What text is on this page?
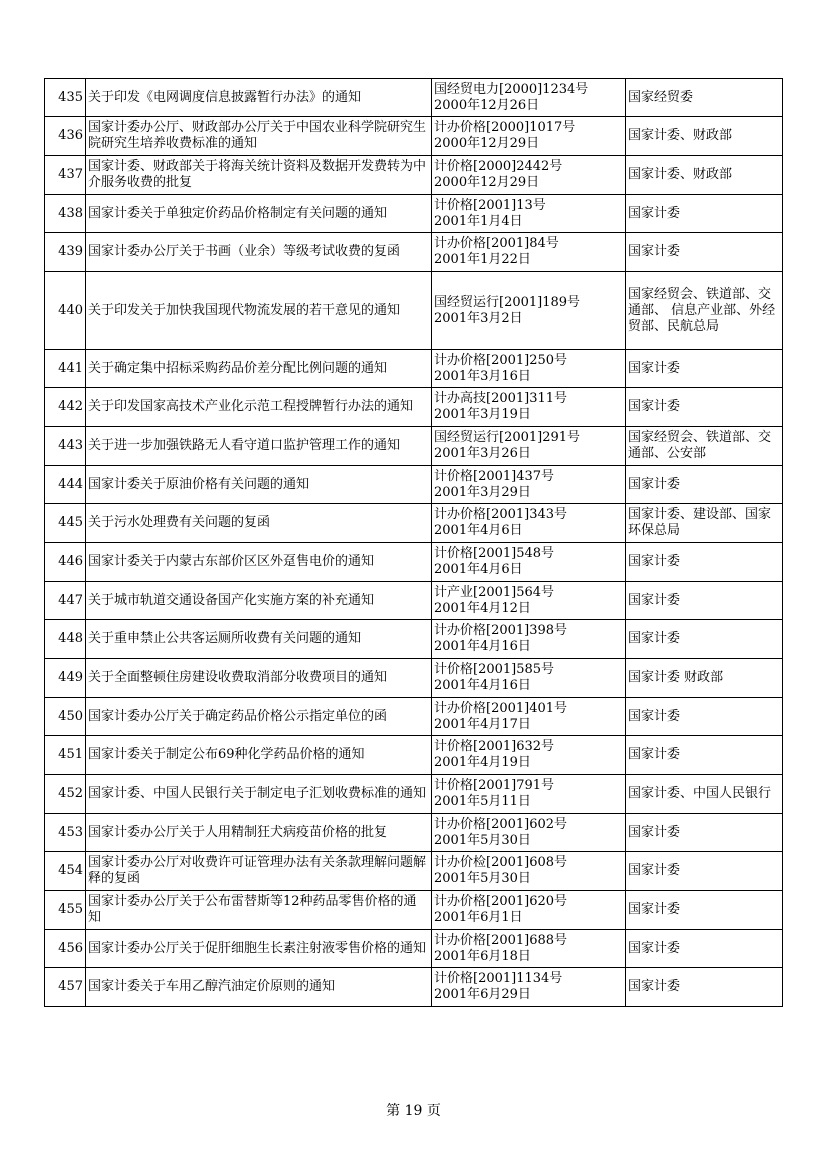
435	关于印发《电网调度信息披露暂行办法》的通知	国经贸电力[2000]1234号
2000年12月26日	国家经贸委
436	国家计委办公厅、财政部办公厅关于中国农业科学院研究生院研究生培养收费标准的通知	计办价格[2000]1017号
2000年12月29日	国家计委、财政部
437	国家计委、财政部关于将海关统计资料及数据开发费转为中介服务收费的批复	计价格[2000]2442号
2000年12月29日	国家计委、财政部
438	国家计委关于单独定价药品价格制定有关问题的通知	计价格[2001]13号
2001年1月4日	国家计委
439	国家计委办公厅关于书画（业余）等级考试收费的复函	计办价格[2001]84号
2001年1月22日	国家计委
440	关于印发关于加快我国现代物流发展的若干意见的通知	国经贸运行[2001]189号
2001年3月2日	国家经贸会、铁道部、交通部、 信息产业部、外经贸部、民航总局
441	关于确定集中招标采购药品价差分配比例问题的通知	计办价格[2001]250号
2001年3月16日	国家计委
442	关于印发国家高技术产业化示范工程授牌暂行办法的通知	计办高技[2001]311号
2001年3月19日	国家计委
443	关于进一步加强铁路无人看守道口监护管理工作的通知	国经贸运行[2001]291号
2001年3月26日	国家经贸会、铁道部、交通部、公安部
444	国家计委关于原油价格有关问题的通知	计价格[2001]437号
2001年3月29日	国家计委
445	关于污水处理费有关问题的复函	计办价格[2001]343号
2001年4月6日	国家计委、建设部、国家环保总局
446	国家计委关于内蒙古东部价区区外趸售电价的通知	计价格[2001]548号
2001年4月6日	国家计委
447	关于城市轨道交通设备国产化实施方案的补充通知	计产业[2001]564号
2001年4月12日	国家计委
448	关于重申禁止公共客运厕所收费有关问题的通知	计办价格[2001]398号
2001年4月16日	国家计委
449	关于全面整顿住房建设收费取消部分收费项目的通知	计价格[2001]585号
2001年4月16日	国家计委 财政部
450	国家计委办公厅关于确定药品价格公示指定单位的函	计办价格[2001]401号
2001年4月17日	国家计委
451	国家计委关于制定公布69种化学药品价格的通知	计价格[2001]632号
2001年4月19日	国家计委
452	国家计委、中国人民银行关于制定电子汇划收费标准的通知	计价格[2001]791号
2001年5月11日	国家计委、中国人民银行
453	国家计委办公厅关于人用精制狂犬病疫苗价格的批复	计办价格[2001]602号
2001年5月30日	国家计委
454	国家计委办公厅对收费许可证管理办法有关条款理解问题解释的复函	计办价检[2001]608号
2001年5月30日	国家计委
455	国家计委办公厅关于公布雷替斯等12种药品零售价格的通知	计办价格[2001]620号
2001年6月1日	国家计委
456	国家计委办公厅关于促肝细胞生长素注射液零售价格的通知	计办价格[2001]688号
2001年6月18日	国家计委
457	国家计委关于车用乙醇汽油定价原则的通知	计价格[2001]1134号
2001年6月29日	国家计委
第 19 页
